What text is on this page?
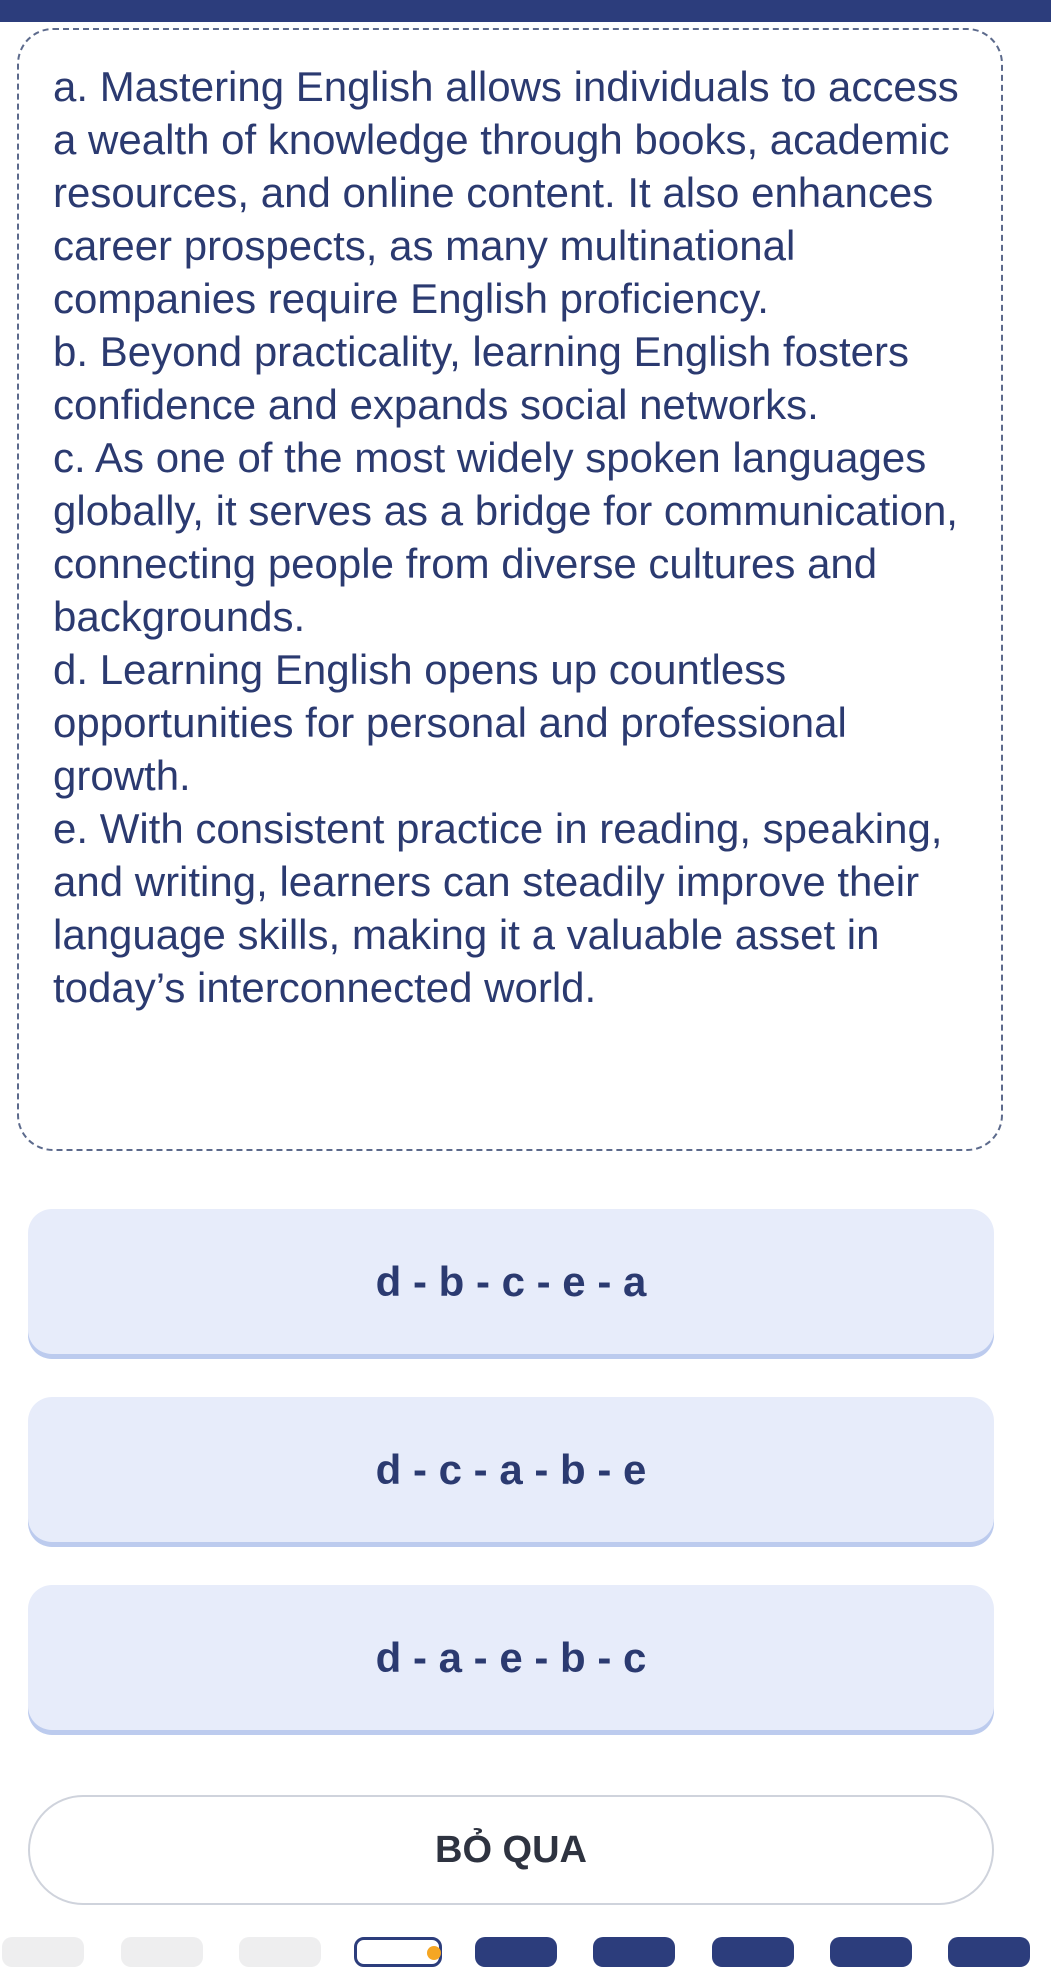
a. Mastering English allows individuals to access a wealth of knowledge through books, academic resources, and online content. It also enhances career prospects, as many multinational companies require English proficiency.

b. Beyond practicality, learning English fosters confidence and expands social networks.

c. As one of the most widely spoken languages globally, it serves as a bridge for communication, connecting people from diverse cultures and backgrounds.

d. Learning English opens up countless opportunities for personal and professional growth.

e. With consistent practice in reading, speaking, and writing, learners can steadily improve their language skills, making it a valuable asset in today’s interconnected world.

d - b - c - e - a
d - c - a - b - e
d - a - e - b - c
BỎ QUA
